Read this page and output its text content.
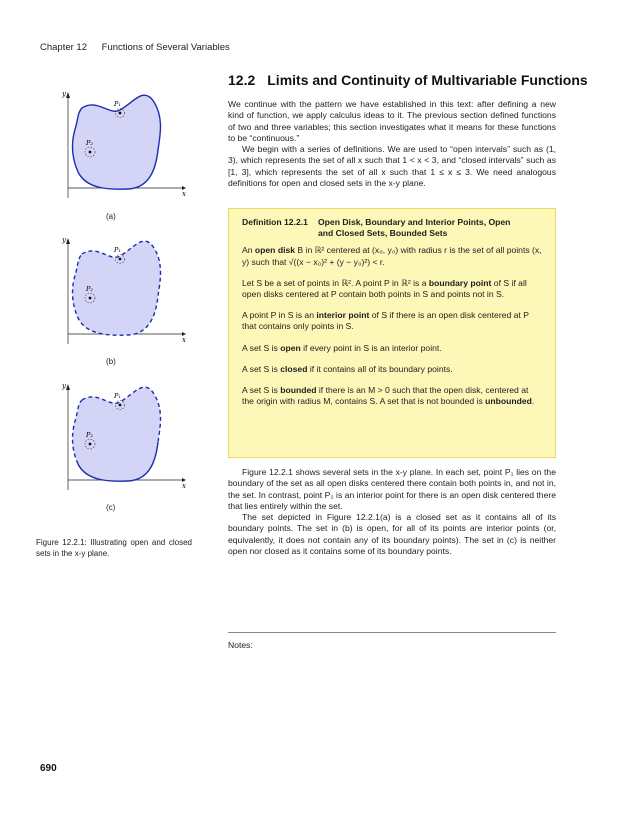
Chapter 12 Functions of Several Variables
y
x
P₁
P₂
(a)
y
x
P₁
P₂
(b)
y
x
P₁
P₂
(c)
Figure 12.2.1: Illustrating open and closed sets in the x-y plane.
12.2 Limits and Continuity of Multivariable Functions

We continue with the pattern we have established in this text: after defining a new kind of function, we apply calculus ideas to it. The previous section defined functions of two and three variables; this section investigates what it means for these functions to be “continuous.”

We begin with a series of definitions. We are used to “open intervals” such as (1, 3), which represents the set of all x such that 1 < x < 3, and “closed intervals” such as [1, 3], which represents the set of all x such that 1 ≤ x ≤ 3. We need analogous definitions for open and closed sets in the x-y plane.

Definition 12.2.1	Open Disk, Boundary and Interior Points, Open and Closed Sets, Bounded Sets

An open disk B in ℝ² centered at (x₀, y₀) with radius r is the set of all points (x, y) such that √((x − x₀)² + (y − y₀)²) < r.

Let S be a set of points in ℝ². A point P in ℝ² is a boundary point of S if all open disks centered at P contain both points in S and points not in S.

A point P in S is an interior point of S if there is an open disk centered at P that contains only points in S.

A set S is open if every point in S is an interior point.

A set S is closed if it contains all of its boundary points.

A set S is bounded if there is an M > 0 such that the open disk, centered at the origin with radius M, contains S. A set that is not bounded is unbounded.

Figure 12.2.1 shows several sets in the x-y plane. In each set, point P₁ lies on the boundary of the set as all open disks centered there contain both points in, and not in, the set. In contrast, point P₂ is an interior point for there is an open disk centered there that lies entirely within the set.

The set depicted in Figure 12.2.1(a) is a closed set as it contains all of its boundary points. The set in (b) is open, for all of its points are interior points (or, equivalently, it does not contain any of its boundary points). The set in (c) is neither open nor closed as it contains some of its boundary points.

Notes:
690
